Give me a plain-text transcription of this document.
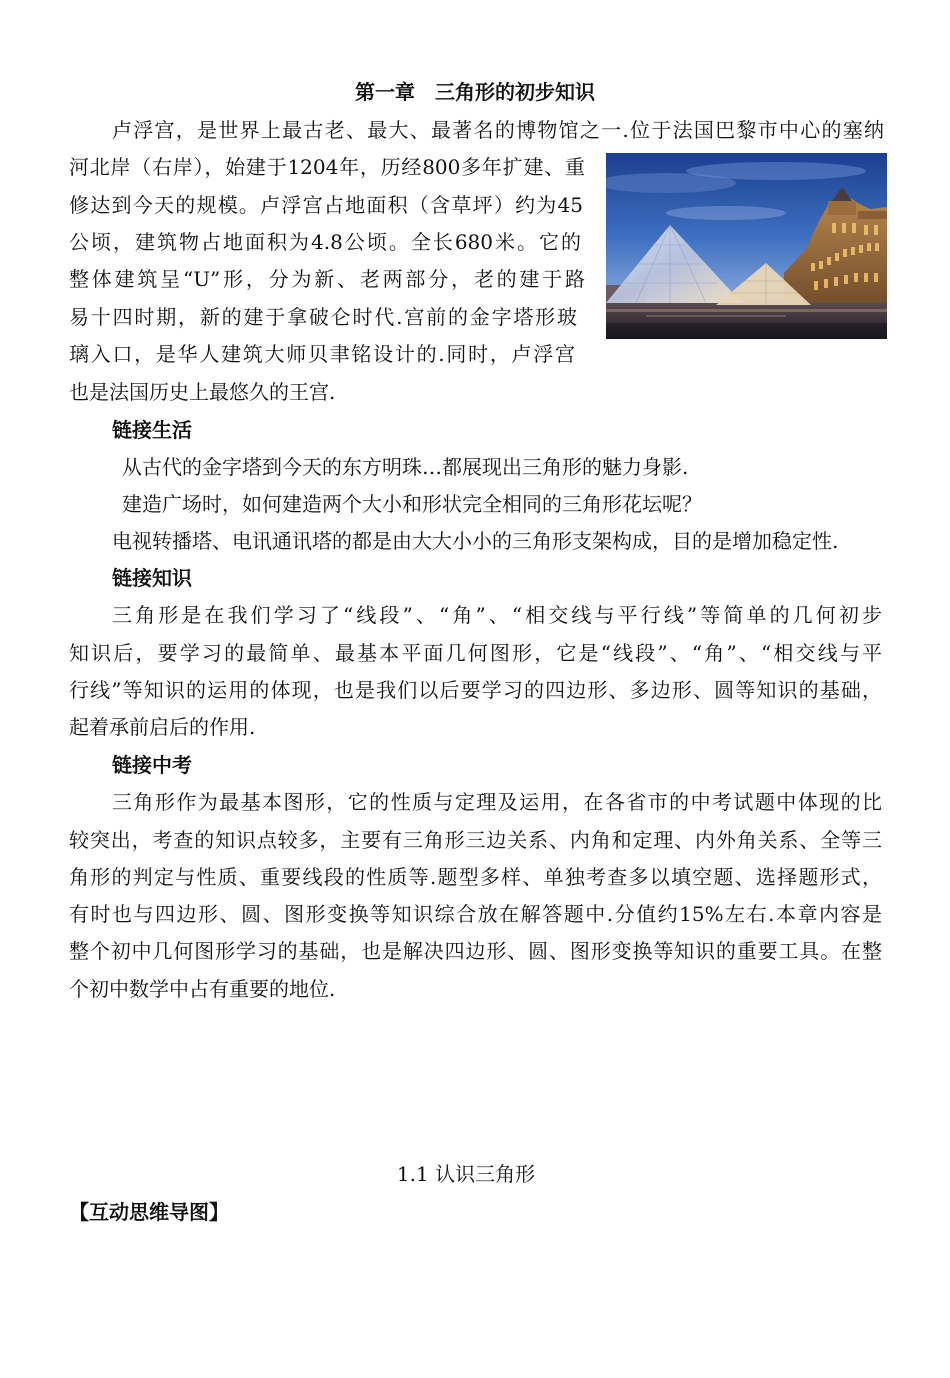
第一章　三角形的初步知识
卢浮宫，是世界上最古老、最大、最著名的博物馆之一.位于法国巴黎市中心的塞纳
河北岸（右岸），始建于1204年，历经800多年扩建、重
修达到今天的规模。卢浮宫占地面积（含草坪）约为45
公顷，建筑物占地面积为4.8公顷。全长680米。它的
整体建筑呈“U”形，分为新、老两部分，老的建于路
易十四时期，新的建于拿破仑时代.宫前的金字塔形玻
璃入口，是华人建筑大师贝聿铭设计的.同时，卢浮宫
也是法国历史上最悠久的王宫.
链接生活
从古代的金字塔到今天的东方明珠…都展现出三角形的魅力身影.
建造广场时，如何建造两个大小和形状完全相同的三角形花坛呢？
电视转播塔、电讯通讯塔的都是由大大小小的三角形支架构成，目的是增加稳定性.
链接知识
三角形是在我们学习了“线段”、“角”、“相交线与平行线”等简单的几何初步
知识后，要学习的最简单、最基本平面几何图形，它是“线段”、“角”、“相交线与平
行线”等知识的运用的体现，也是我们以后要学习的四边形、多边形、圆等知识的基础，
起着承前启后的作用.
链接中考
三角形作为最基本图形，它的性质与定理及运用，在各省市的中考试题中体现的比
较突出，考查的知识点较多，主要有三角形三边关系、内角和定理、内外角关系、全等三
角形的判定与性质、重要线段的性质等.题型多样、单独考查多以填空题、选择题形式，
有时也与四边形、圆、图形变换等知识综合放在解答题中.分值约15%左右.本章内容是
整个初中几何图形学习的基础，也是解决四边形、圆、图形变换等知识的重要工具。在整
个初中数学中占有重要的地位.
1.1 认识三角形
【互动思维导图】
